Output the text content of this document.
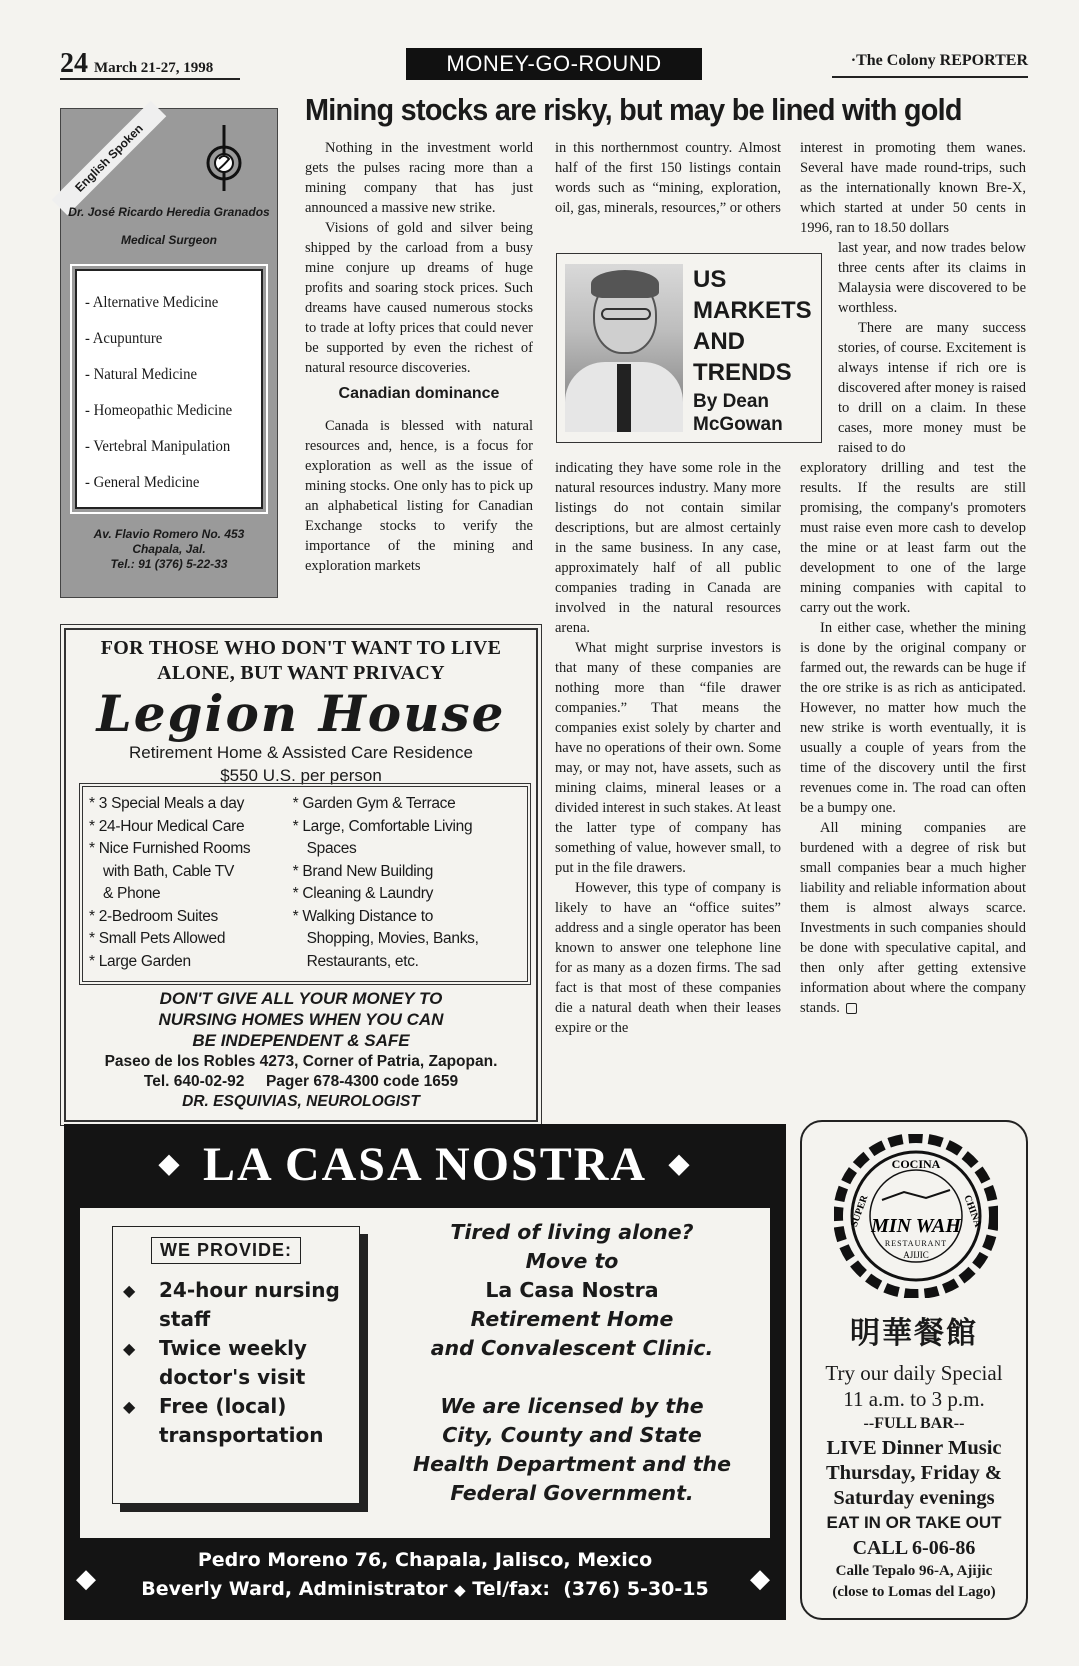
24 March 21-27, 1998	MONEY-GO-ROUND	·The Colony REPORTER
Mining stocks are risky, but may be lined with gold

Nothing in the investment world gets the pulses racing more than a mining company that has just announced a massive new strike.

Visions of gold and silver being shipped by the carload from a busy mine conjure up dreams of huge profits and soaring stock prices. Such dreams have caused numerous stocks to trade at lofty prices that could never be supported by even the richest of natural resource discoveries.

Canadian dominance

Canada is blessed with natural resources and, hence, is a focus for exploration as well as the issue of mining stocks. One only has to pick up an alphabetical listing for Canadian Exchange stocks to verify the importance of the mining and exploration markets

in this northernmost country. Almost half of the first 150 listings contain words such as “mining, exploration, oil, gas, minerals, resources,” or others

indicating they have some role in the natural resources industry. Many more listings do not contain similar descriptions, but are almost certainly in the same business. In any case, approximately half of all public companies trading in Canada are involved in the natural resources arena.

What might surprise investors is that many of these companies are nothing more than “file drawer companies.” That means the companies exist solely by charter and have no operations of their own. Some may, or may not, have assets, such as mining claims, mineral leases or a divided interest in such stakes. At least the latter type of company has something of value, however small, to put in the file drawers.

However, this type of company is likely to have an “office suites” address and a single operator has been known to answer one telephone line for as many as a dozen firms. The sad fact is that most of these companies die a natural death when their leases expire or the

US
MARKETS
AND
TRENDS
By Dean
McGowan

interest in promoting them wanes. Several have made round-trips, such as the internationally known Bre-X, which started at under 50 cents in 1996, ran to 18.50 dollars

last year, and now trades below three cents after its claims in Malaysia were discovered to be worthless.

There are many success stories, of course. Excitement is always intense if rich ore is discovered after money is raised to drill on a claim. In these cases, more money must be raised to do

exploratory drilling and test the results. If the results are still promising, the company's promoters must raise even more cash to develop the mine or at least farm out the development to one of the large mining companies with capital to carry out the work.

In either case, whether the mining is done by the original company or farmed out, the rewards can be huge if the ore strike is as rich as anticipated. However, no matter how much the new strike is worth eventually, it is usually a couple of years from the time of the discovery until the first revenues come in. The road can often be a bumpy one.

All mining companies are burdened with a degree of risk but small companies bear a much higher liability and reliable information about them is almost always scarce. Investments in such companies should be done with speculative capital, and then only after getting extensive information about where the company stands.

English Spoken
Dr. José Ricardo Heredia Granados
Medical Surgeon
- Alternative Medicine
- Acupunture
- Natural Medicine
- Homeopathic Medicine
- Vertebral Manipulation
- General Medicine
Av. Flavio Romero No. 453
Chapala, Jal.
Tel.: 91 (376) 5-22-33
FOR THOSE WHO DON'T WANT TO LIVE
ALONE, BUT WANT PRIVACY
Legion House
Retirement Home & Assisted Care Residence
$550 U.S. per person
* 3 Special Meals a day
* 24-Hour Medical Care
* Nice Furnished Rooms
with Bath, Cable TV
& Phone
* 2-Bedroom Suites
* Small Pets Allowed
* Large Garden
* Garden Gym & Terrace
* Large, Comfortable Living
Spaces
* Brand New Building
* Cleaning & Laundry
* Walking Distance to
Shopping, Movies, Banks,
Restaurants, etc.
DON'T GIVE ALL YOUR MONEY TO
NURSING HOMES WHEN YOU CAN
BE INDEPENDENT & SAFE
Paseo de los Robles 4273, Corner of Patria, Zapopan.
Tel. 640-02-92     Pager 678-4300 code 1659
DR. ESQUIVIAS, NEUROLOGIST
◆ LA CASA NOSTRA ◆
WE PROVIDE:
◆	24-hour nursing staff
◆	Twice weekly doctor's visit
◆	Free (local) transportation
Tired of living alone?
Move to
La Casa Nostra
Retirement Home
and Convalescent Clinic.
We are licensed by the
City, County and State
Health Department and the
Federal Government.
◆	◆
Pedro Moreno 76, Chapala, Jalisco, Mexico
Beverly Ward, Administrator ◆ Tel/fax:  (376) 5-30-15
COCINA
SUPER	CHINA
MIN WAH
RESTAURANT
AJIJIC
明華餐館
Try our daily Special
11 a.m. to 3 p.m.
--FULL BAR--
LIVE Dinner Music
Thursday, Friday &
Saturday evenings
EAT IN OR TAKE OUT
CALL 6-06-86
Calle Tepalo 96-A, Ajijic
(close to Lomas del Lago)
